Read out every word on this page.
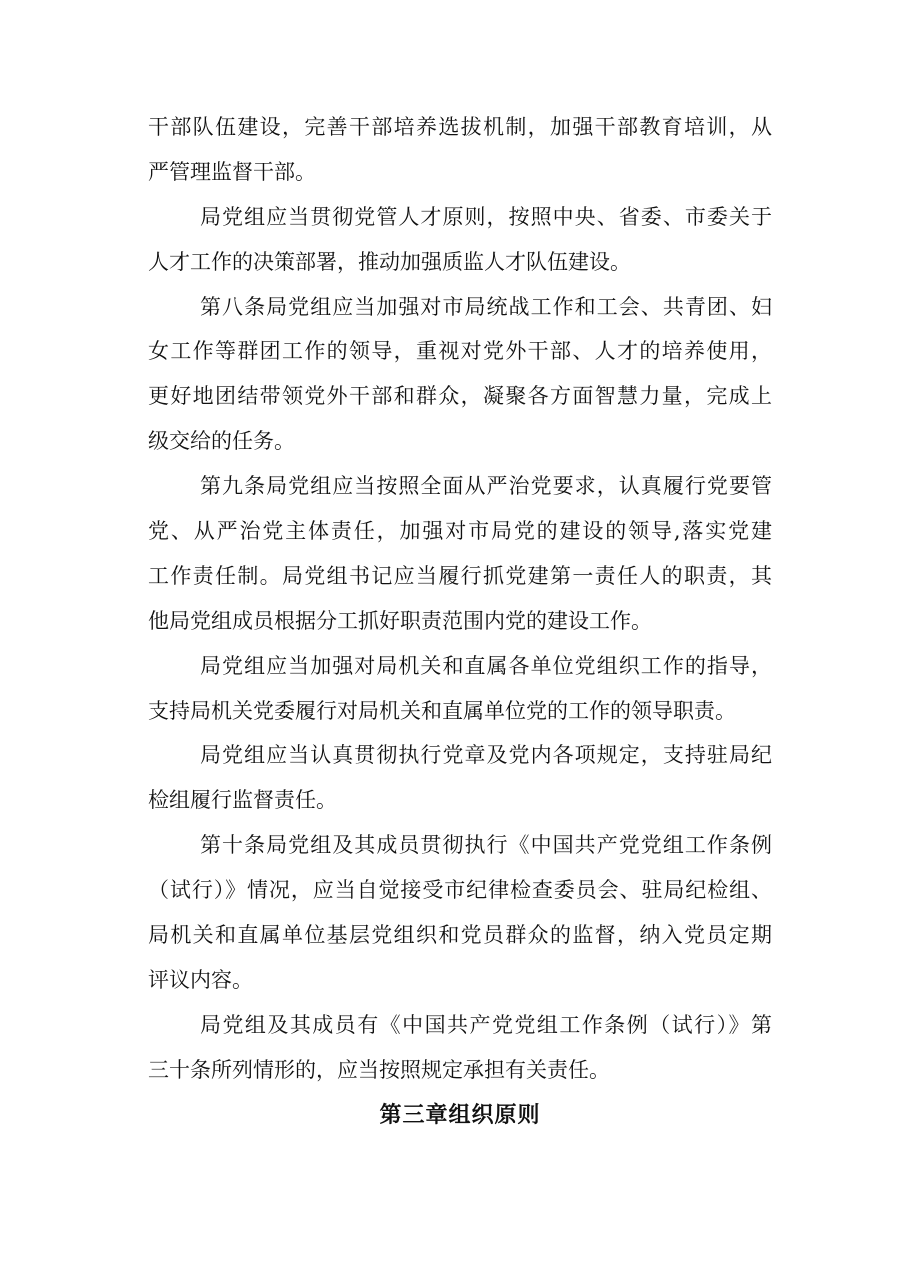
干部队伍建设，完善干部培养选拔机制，加强干部教育培训，从
严管理监督干部。
局党组应当贯彻党管人才原则，按照中央、省委、市委关于
人才工作的决策部署，推动加强质监人才队伍建设。
第八条局党组应当加强对市局统战工作和工会、共青团、妇
女工作等群团工作的领导，重视对党外干部、人才的培养使用，
更好地团结带领党外干部和群众，凝聚各方面智慧力量，完成上
级交给的任务。
第九条局党组应当按照全面从严治党要求，认真履行党要管
党、从严治党主体责任，加强对市局党的建设的领导,落实党建
工作责任制。局党组书记应当履行抓党建第一责任人的职责，其
他局党组成员根据分工抓好职责范围内党的建设工作。
局党组应当加强对局机关和直属各单位党组织工作的指导，
支持局机关党委履行对局机关和直属单位党的工作的领导职责。
局党组应当认真贯彻执行党章及党内各项规定，支持驻局纪
检组履行监督责任。
第十条局党组及其成员贯彻执行《中国共产党党组工作条例
（试行）》情况，应当自觉接受市纪律检查委员会、驻局纪检组、
局机关和直属单位基层党组织和党员群众的监督，纳入党员定期
评议内容。
局党组及其成员有《中国共产党党组工作条例（试行）》第
三十条所列情形的，应当按照规定承担有关责任。
第三章组织原则
